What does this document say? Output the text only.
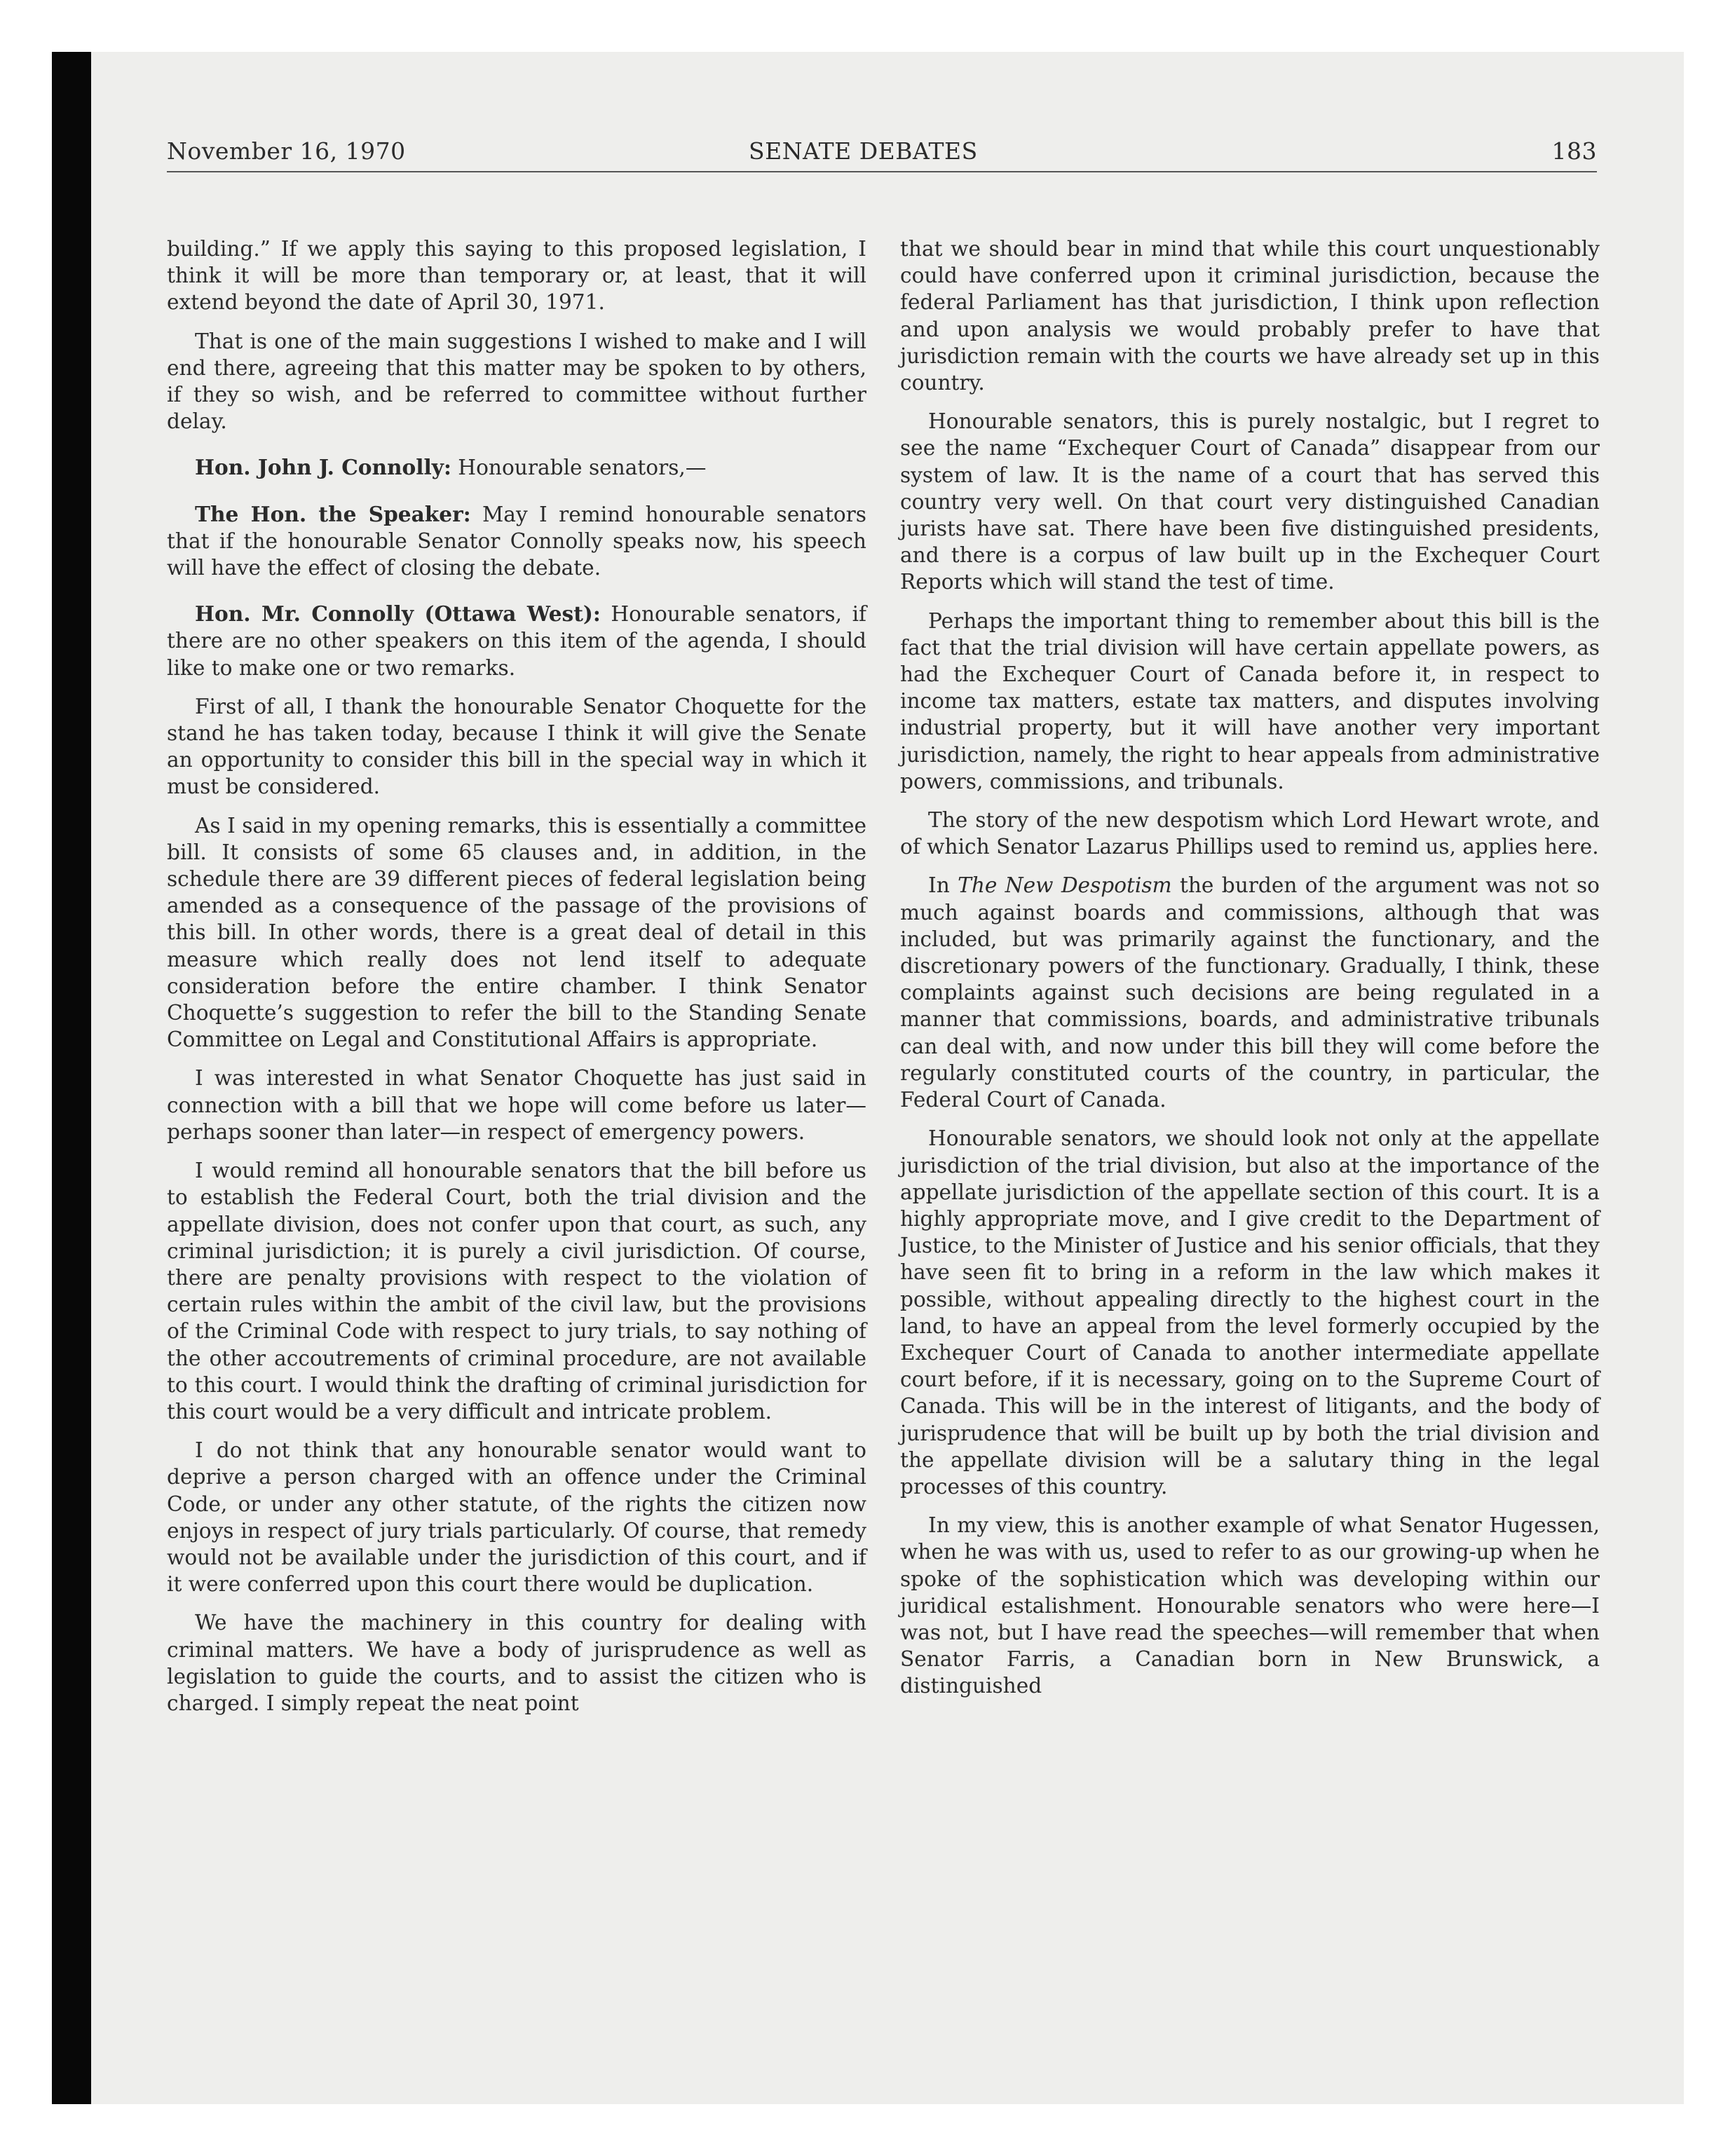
November 16, 1970	SENATE DEBATES	183

building.” If we apply this saying to this proposed legislation, I think it will be more than temporary or, at least, that it will extend beyond the date of April 30, 1971.

That is one of the main suggestions I wished to make and I will end there, agreeing that this matter may be spoken to by others, if they so wish, and be referred to committee without further delay.

Hon. John J. Connolly: Honourable senators,—

The Hon. the Speaker: May I remind honourable senators that if the honourable Senator Connolly speaks now, his speech will have the effect of closing the debate.

Hon. Mr. Connolly (Ottawa West): Honourable senators, if there are no other speakers on this item of the agenda, I should like to make one or two remarks.

First of all, I thank the honourable Senator Choquette for the stand he has taken today, because I think it will give the Senate an opportunity to consider this bill in the special way in which it must be considered.

As I said in my opening remarks, this is essentially a committee bill. It consists of some 65 clauses and, in addition, in the schedule there are 39 different pieces of federal legislation being amended as a consequence of the passage of the provisions of this bill. In other words, there is a great deal of detail in this measure which really does not lend itself to adequate consideration before the entire chamber. I think Senator Choquette’s suggestion to refer the bill to the Standing Senate Committee on Legal and Constitutional Affairs is appropriate.

I was interested in what Senator Choquette has just said in connection with a bill that we hope will come before us later—perhaps sooner than later—in respect of emergency powers.

I would remind all honourable senators that the bill before us to establish the Federal Court, both the trial division and the appellate division, does not confer upon that court, as such, any criminal jurisdiction; it is purely a civil jurisdiction. Of course, there are penalty provisions with respect to the violation of certain rules within the ambit of the civil law, but the provisions of the Criminal Code with respect to jury trials, to say nothing of the other accoutrements of criminal procedure, are not available to this court. I would think the drafting of criminal jurisdiction for this court would be a very difficult and intricate problem.

I do not think that any honourable senator would want to deprive a person charged with an offence under the Criminal Code, or under any other statute, of the rights the citizen now enjoys in respect of jury trials particularly. Of course, that remedy would not be available under the jurisdiction of this court, and if it were conferred upon this court there would be duplication.

We have the machinery in this country for dealing with criminal matters. We have a body of jurisprudence as well as legislation to guide the courts, and to assist the citizen who is charged. I simply repeat the neat point

that we should bear in mind that while this court unquestionably could have conferred upon it criminal jurisdiction, because the federal Parliament has that jurisdiction, I think upon reflection and upon analysis we would probably prefer to have that jurisdiction remain with the courts we have already set up in this country.

Honourable senators, this is purely nostalgic, but I regret to see the name “Exchequer Court of Canada” disappear from our system of law. It is the name of a court that has served this country very well. On that court very distinguished Canadian jurists have sat. There have been five distinguished presidents, and there is a corpus of law built up in the Exchequer Court Reports which will stand the test of time.

Perhaps the important thing to remember about this bill is the fact that the trial division will have certain appellate powers, as had the Exchequer Court of Canada before it, in respect to income tax matters, estate tax matters, and disputes involving industrial property, but it will have another very important jurisdiction, namely, the right to hear appeals from administrative powers, commissions, and tribunals.

The story of the new despotism which Lord Hewart wrote, and of which Senator Lazarus Phillips used to remind us, applies here.

In The New Despotism the burden of the argument was not so much against boards and commissions, although that was included, but was primarily against the functionary, and the discretionary powers of the functionary. Gradually, I think, these complaints against such decisions are being regulated in a manner that commissions, boards, and administrative tribunals can deal with, and now under this bill they will come before the regularly constituted courts of the country, in particular, the Federal Court of Canada.

Honourable senators, we should look not only at the appellate jurisdiction of the trial division, but also at the importance of the appellate jurisdiction of the appellate section of this court. It is a highly appropriate move, and I give credit to the Department of Justice, to the Minister of Justice and his senior officials, that they have seen fit to bring in a reform in the law which makes it possible, without appealing directly to the highest court in the land, to have an appeal from the level formerly occupied by the Exchequer Court of Canada to another intermediate appellate court before, if it is necessary, going on to the Supreme Court of Canada. This will be in the interest of litigants, and the body of jurisprudence that will be built up by both the trial division and the appellate division will be a salutary thing in the legal processes of this country.

In my view, this is another example of what Senator Hugessen, when he was with us, used to refer to as our growing-up when he spoke of the sophistication which was developing within our juridical estalishment. Honourable senators who were here—I was not, but I have read the speeches—will remember that when Senator Farris, a Canadian born in New Brunswick, a distinguished
